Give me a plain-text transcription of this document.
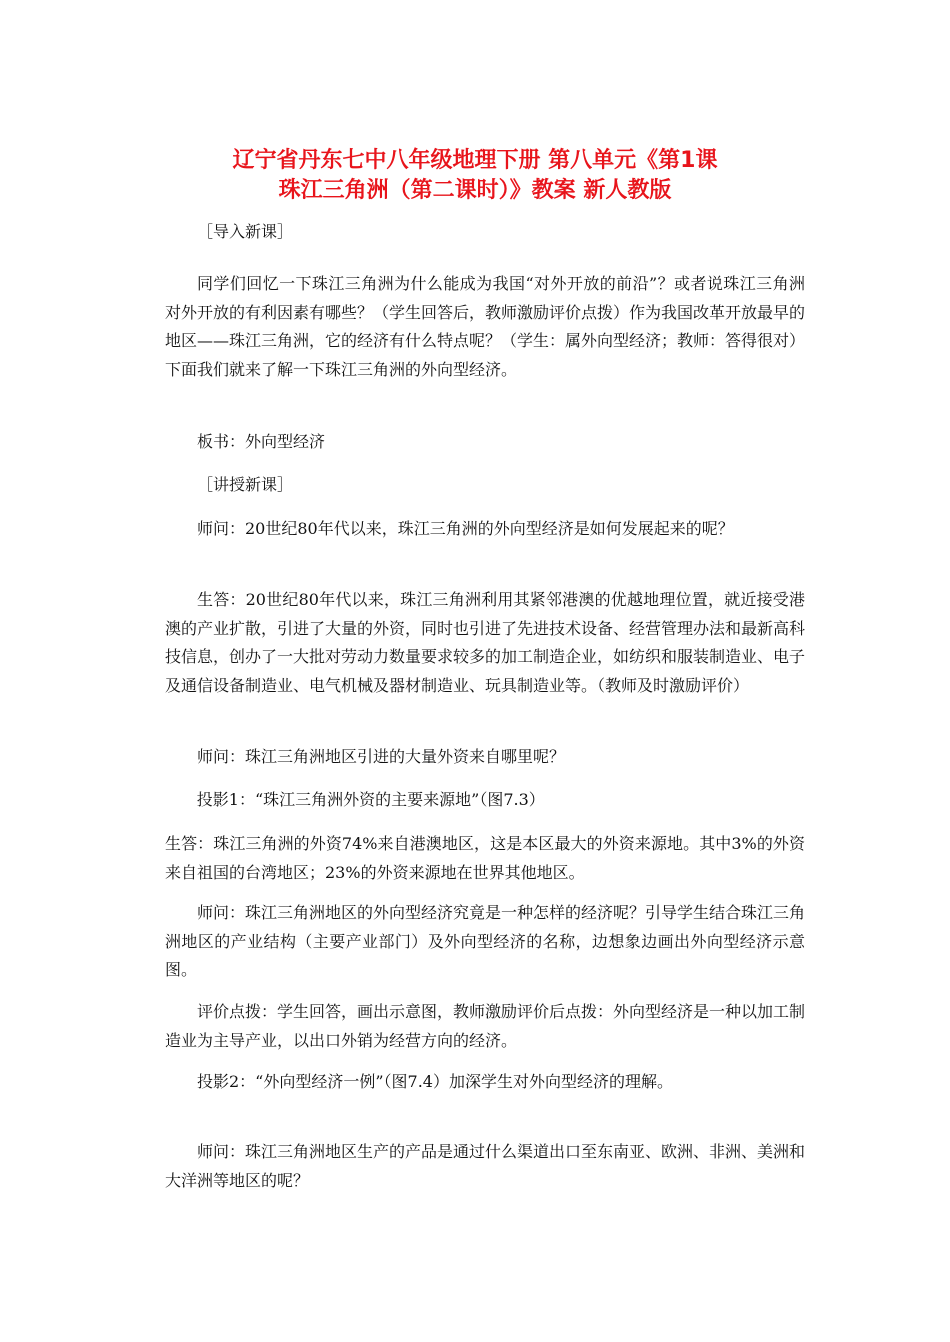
辽宁省丹东七中八年级地理下册 第八单元《第1课
珠江三角洲（第二课时）》教案 新人教版
［导入新课］
同学们回忆一下珠江三角洲为什么能成为我国“对外开放的前沿”？或者说珠江三角洲对外开放的有利因素有哪些？（学生回答后，教师激励评价点拨）作为我国改革开放最早的地区——珠江三角洲，它的经济有什么特点呢？（学生：属外向型经济；教师：答得很对）下面我们就来了解一下珠江三角洲的外向型经济。
板书：外向型经济
［讲授新课］
师问：20世纪80年代以来，珠江三角洲的外向型经济是如何发展起来的呢？
生答：20世纪80年代以来，珠江三角洲利用其紧邻港澳的优越地理位置，就近接受港澳的产业扩散，引进了大量的外资，同时也引进了先进技术设备、经营管理办法和最新高科技信息，创办了一大批对劳动力数量要求较多的加工制造企业，如纺织和服装制造业、电子及通信设备制造业、电气机械及器材制造业、玩具制造业等。（教师及时激励评价）
师问：珠江三角洲地区引进的大量外资来自哪里呢？
投影1：“珠江三角洲外资的主要来源地”（图7.3）
生答：珠江三角洲的外资74%来自港澳地区，这是本区最大的外资来源地。其中3%的外资来自祖国的台湾地区；23%的外资来源地在世界其他地区。
师问：珠江三角洲地区的外向型经济究竟是一种怎样的经济呢？引导学生结合珠江三角洲地区的产业结构（主要产业部门）及外向型经济的名称，边想象边画出外向型经济示意图。
评价点拨：学生回答，画出示意图，教师激励评价后点拨：外向型经济是一种以加工制造业为主导产业，以出口外销为经营方向的经济。
投影2：“外向型经济一例”（图7.4）加深学生对外向型经济的理解。
师问：珠江三角洲地区生产的产品是通过什么渠道出口至东南亚、欧洲、非洲、美洲和大洋洲等地区的呢？
